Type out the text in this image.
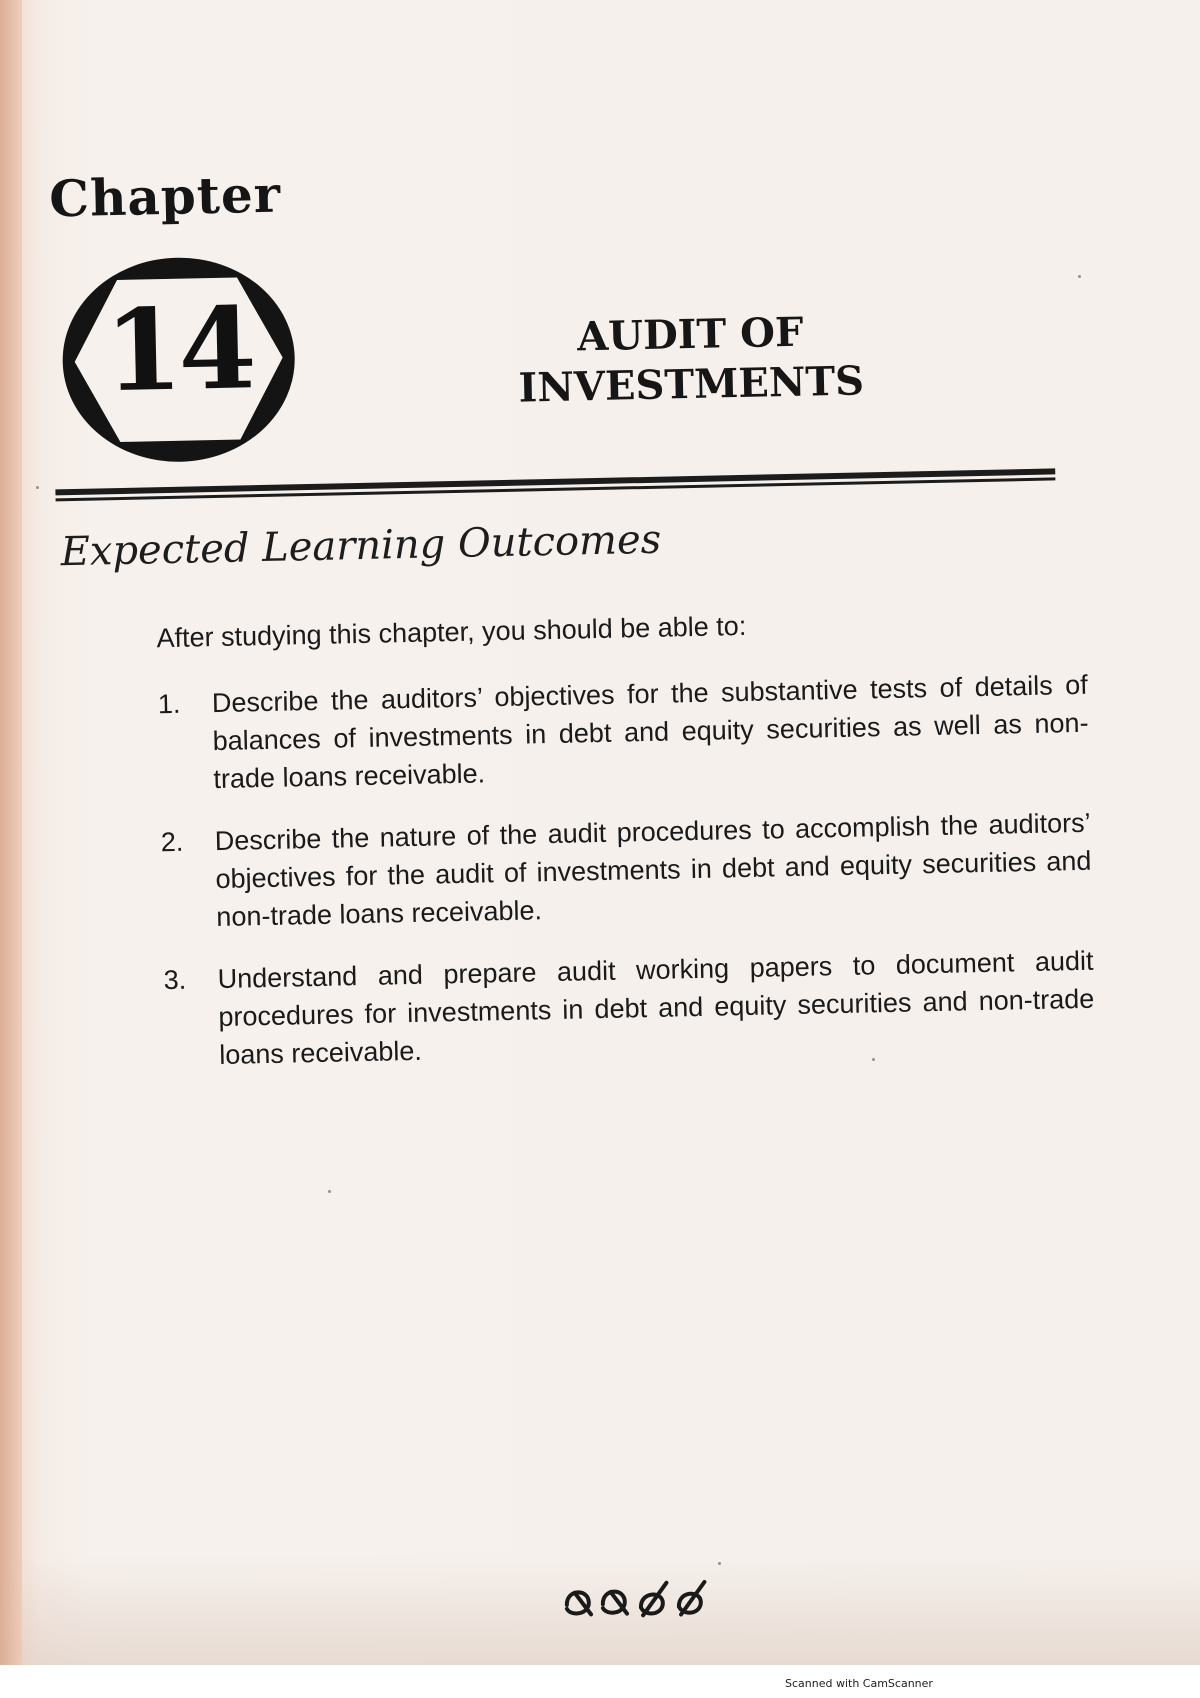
Chapter
14	AUDIT OF
INVESTMENTS
Expected Learning Outcomes
After studying this chapter, you should be able to:
1. Describe the auditors’ objectives for the substantive tests of details of balances of investments in debt and equity securities as well as non-trade loans receivable.
2. Describe the nature of the audit procedures to accomplish the auditors’ objectives for the audit of investments in debt and equity securities and non-trade loans receivable.
3. Understand and prepare audit working papers to document audit procedures for investments in debt and equity securities and non-trade loans receivable.
Scanned with CamScanner
